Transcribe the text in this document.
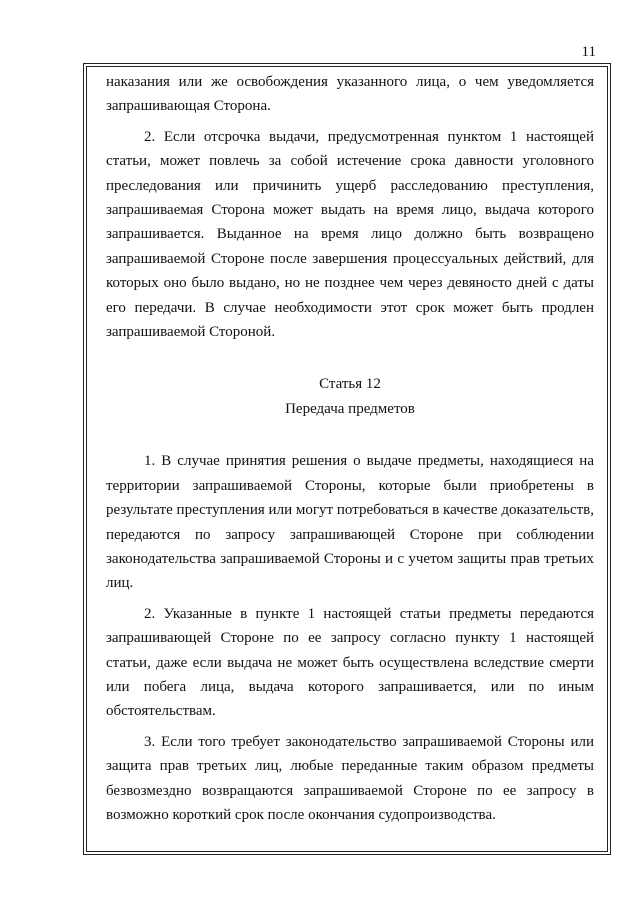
11

наказания или же освобождения указанного лица, о чем уведомляется запрашивающая Сторона.

2. Если отсрочка выдачи, предусмотренная пунктом 1 настоящей статьи, может повлечь за собой истечение срока давности уголовного преследования или причинить ущерб расследованию преступления, запрашиваемая Сторона может выдать на время лицо, выдача которого запрашивается. Выданное на время лицо должно быть возвращено запрашиваемой Стороне после завершения процессуальных действий, для которых оно было выдано, но не позднее чем через девяносто дней с даты его передачи. В случае необходимости этот срок может быть продлен запрашиваемой Стороной.

Статья 12

Передача предметов

1. В случае принятия решения о выдаче предметы, находящиеся на территории запрашиваемой Стороны, которые были приобретены в результате преступления или могут потребоваться в качестве доказательств, передаются по запросу запрашивающей Стороне при соблюдении законодательства запрашиваемой Стороны и с учетом защиты прав третьих лиц.

2. Указанные в пункте 1 настоящей статьи предметы передаются запрашивающей Стороне по ее запросу согласно пункту 1 настоящей статьи, даже если выдача не может быть осуществлена вследствие смерти или побега лица, выдача которого запрашивается, или по иным обстоятельствам.

3. Если того требует законодательство запрашиваемой Стороны или защита прав третьих лиц, любые переданные таким образом предметы безвозмездно возвращаются запрашиваемой Стороне по ее запросу в возможно короткий срок после окончания судопроизводства.
